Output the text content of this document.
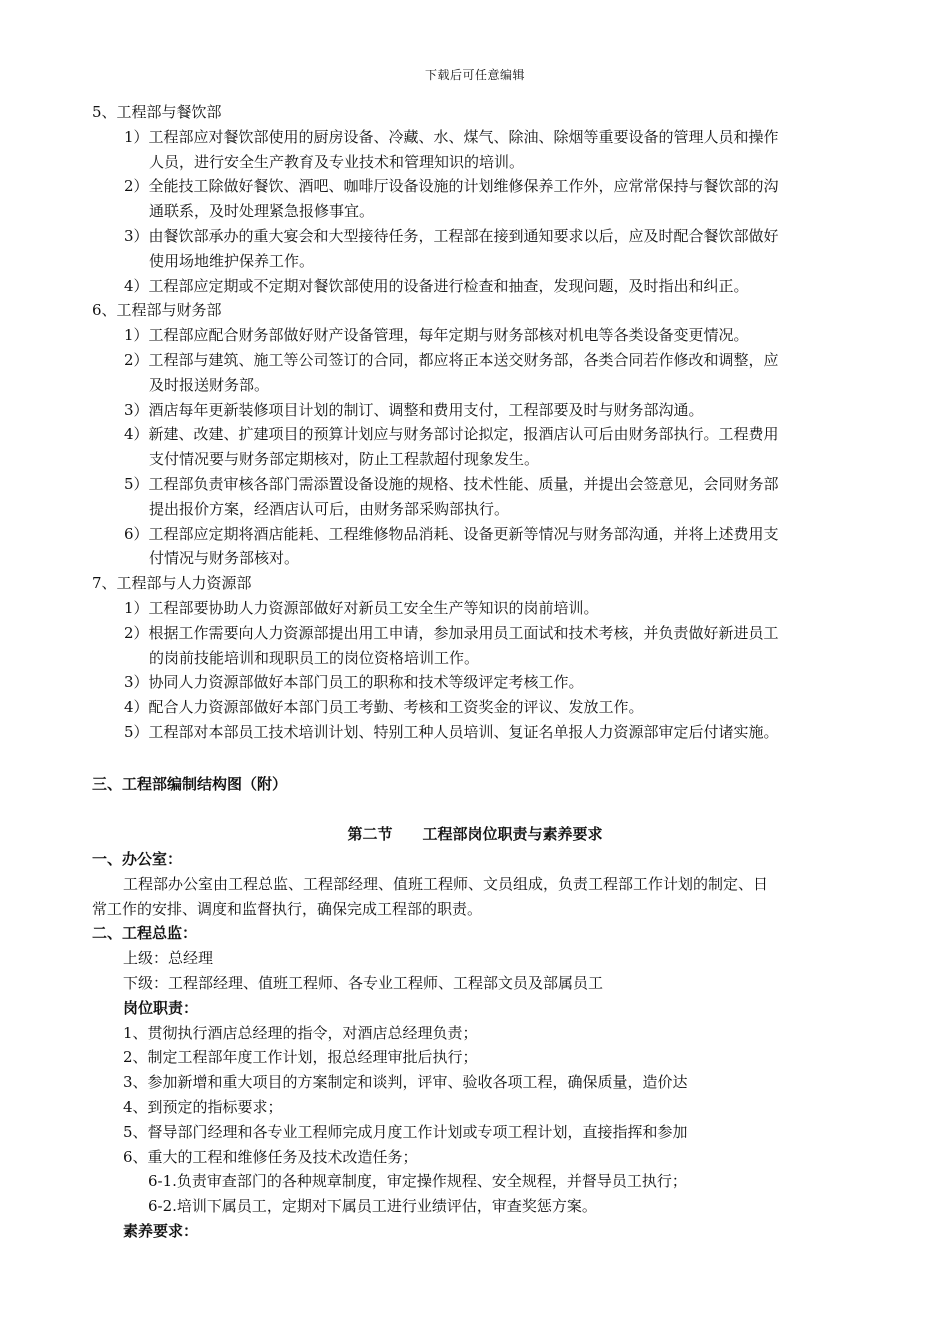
下载后可任意编辑
5、工程部与餐饮部
1）工程部应对餐饮部使用的厨房设备、冷藏、水、煤气、除油、除烟等重要设备的管理人员和操作
人员，进行安全生产教育及专业技术和管理知识的培训。
2）全能技工除做好餐饮、酒吧、咖啡厅设备设施的计划维修保养工作外，应常常保持与餐饮部的沟
通联系，及时处理紧急报修事宜。
3）由餐饮部承办的重大宴会和大型接待任务，工程部在接到通知要求以后，应及时配合餐饮部做好
使用场地维护保养工作。
4）工程部应定期或不定期对餐饮部使用的设备进行检查和抽查，发现问题，及时指出和纠正。
6、工程部与财务部
1）工程部应配合财务部做好财产设备管理，每年定期与财务部核对机电等各类设备变更情况。
2）工程部与建筑、施工等公司签订的合同，都应将正本送交财务部，各类合同若作修改和调整，应
及时报送财务部。
3）酒店每年更新装修项目计划的制订、调整和费用支付，工程部要及时与财务部沟通。
4）新建、改建、扩建项目的预算计划应与财务部讨论拟定，报酒店认可后由财务部执行。工程费用
支付情况要与财务部定期核对，防止工程款超付现象发生。
5）工程部负责审核各部门需添置设备设施的规格、技术性能、质量，并提出会签意见，会同财务部
提出报价方案，经酒店认可后，由财务部采购部执行。
6）工程部应定期将酒店能耗、工程维修物品消耗、设备更新等情况与财务部沟通，并将上述费用支
付情况与财务部核对。
7、工程部与人力资源部
1）工程部要协助人力资源部做好对新员工安全生产等知识的岗前培训。
2）根据工作需要向人力资源部提出用工申请，参加录用员工面试和技术考核，并负责做好新进员工
的岗前技能培训和现职员工的岗位资格培训工作。
3）协同人力资源部做好本部门员工的职称和技术等级评定考核工作。
4）配合人力资源部做好本部门员工考勤、考核和工资奖金的评议、发放工作。
5）工程部对本部员工技术培训计划、特别工种人员培训、复证名单报人力资源部审定后付诸实施。
三、工程部编制结构图（附）
第二节 工程部岗位职责与素养要求
一、办公室：
工程部办公室由工程总监、工程部经理、值班工程师、文员组成，负责工程部工作计划的制定、日
常工作的安排、调度和监督执行，确保完成工程部的职责。
二、工程总监：
上级：总经理
下级：工程部经理、值班工程师、各专业工程师、工程部文员及部属员工
岗位职责：
1、贯彻执行酒店总经理的指令，对酒店总经理负责；
2、制定工程部年度工作计划，报总经理审批后执行；
3、参加新增和重大项目的方案制定和谈判，评审、验收各项工程，确保质量，造价达
4、到预定的指标要求；
5、督导部门经理和各专业工程师完成月度工作计划或专项工程计划，直接指挥和参加
6、重大的工程和维修任务及技术改造任务；
6-1.负责审查部门的各种规章制度，审定操作规程、安全规程，并督导员工执行；
6-2.培训下属员工，定期对下属员工进行业绩评估，审查奖惩方案。
素养要求：
